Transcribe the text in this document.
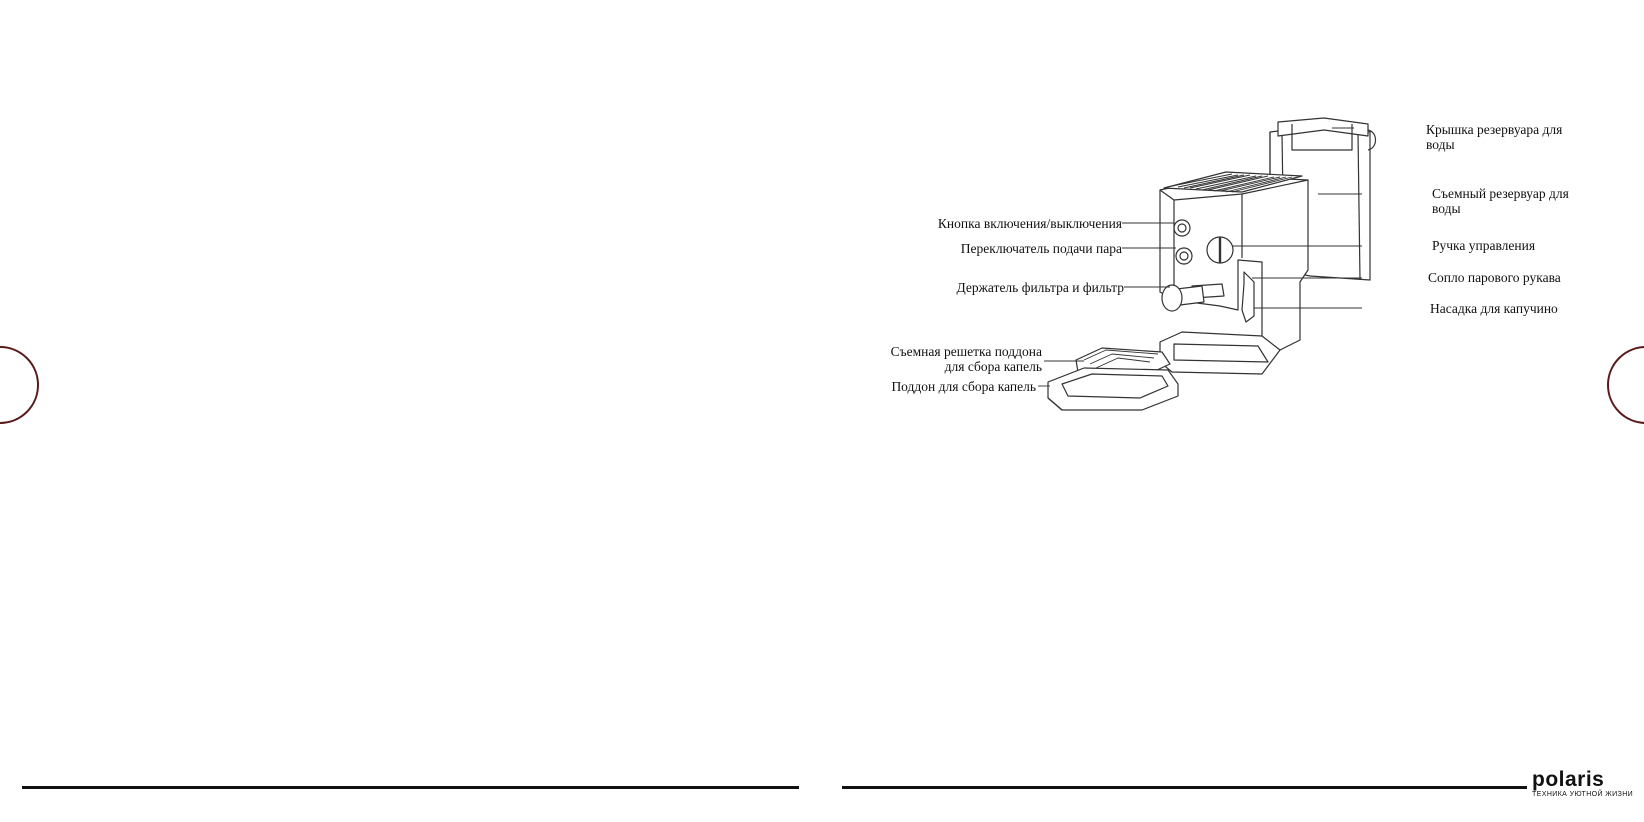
polaris
ТЕХНИКА УЮТНОЙ ЖИЗНИ
Крышка резервуара для
воды
Съемный резервуар для
воды
Кнопка включения/выключения
Переключатель подачи пара	Ручка управления
Сопло парового рукава
Держатель фильтра и фильтр
Насадка для капучино
Съемная решетка поддона
для сбора капель
Поддон для сбора капель
